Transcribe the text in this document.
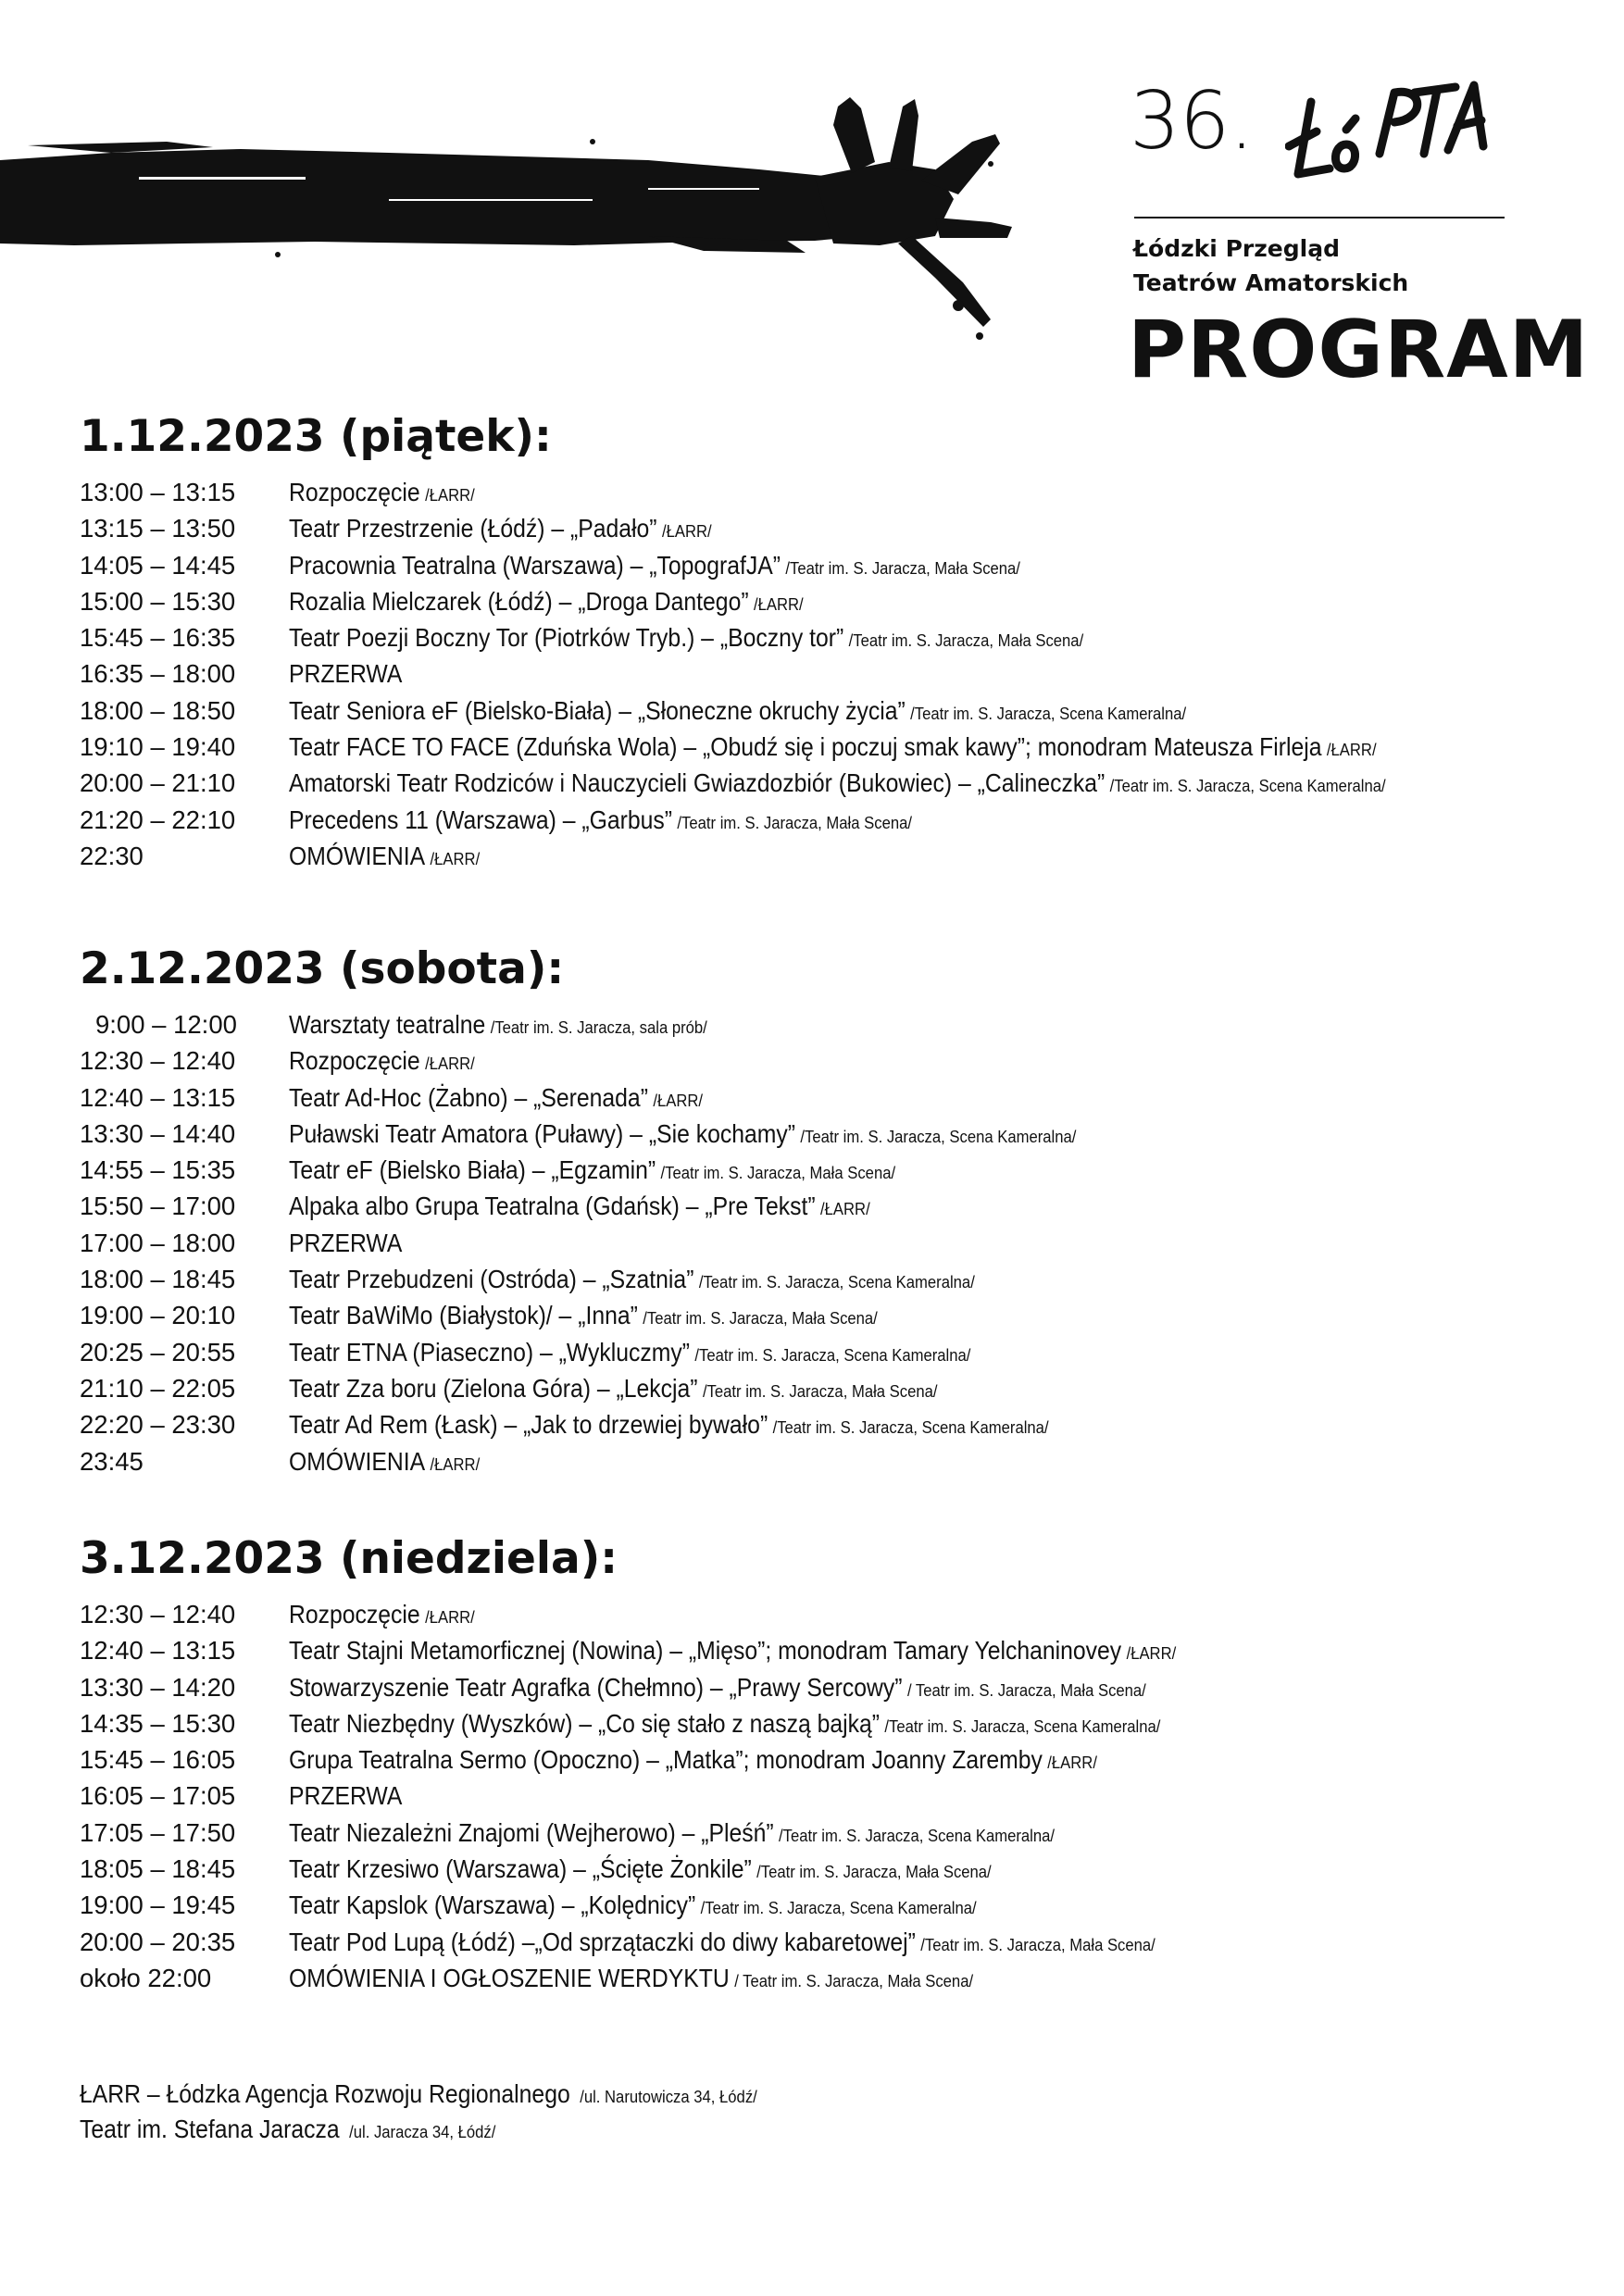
36.
Łódzki Przegląd
Teatrów Amatorskich
PROGRAM
1.12.2023 (piątek):
13:00 – 13:15	Rozpoczęcie /ŁARR/
13:15 – 13:50	Teatr Przestrzenie (Łódź) – „Padało” /ŁARR/
14:05 – 14:45	Pracownia Teatralna (Warszawa) – „TopografJA” /Teatr im. S. Jaracza, Mała Scena/
15:00 – 15:30	Rozalia Mielczarek (Łódź) – „Droga Dantego” /ŁARR/
15:45 – 16:35	Teatr Poezji Boczny Tor (Piotrków Tryb.) – „Boczny tor” /Teatr im. S. Jaracza, Mała Scena/
16:35 – 18:00	PRZERWA
18:00 – 18:50	Teatr Seniora eF (Bielsko-Biała) – „Słoneczne okruchy życia” /Teatr im. S. Jaracza, Scena Kameralna/
19:10 – 19:40	Teatr FACE TO FACE (Zduńska Wola) – „Obudź się i poczuj smak kawy”; monodram Mateusza Firleja /ŁARR/
20:00 – 21:10	Amatorski Teatr Rodziców i Nauczycieli Gwiazdozbiór (Bukowiec) – „Calineczka” /Teatr im. S. Jaracza, Scena Kameralna/
21:20 – 22:10	Precedens 11 (Warszawa) – „Garbus” /Teatr im. S. Jaracza, Mała Scena/
22:30	OMÓWIENIA /ŁARR/
2.12.2023 (sobota):
9:00 – 12:00	Warsztaty teatralne /Teatr im. S. Jaracza, sala prób/
12:30 – 12:40	Rozpoczęcie /ŁARR/
12:40 – 13:15	Teatr Ad-Hoc (Żabno) – „Serenada” /ŁARR/
13:30 – 14:40	Puławski Teatr Amatora (Puławy) – „Sie kochamy” /Teatr im. S. Jaracza, Scena Kameralna/
14:55 – 15:35	Teatr eF (Bielsko Biała) – „Egzamin” /Teatr im. S. Jaracza, Mała Scena/
15:50 – 17:00	Alpaka albo Grupa Teatralna (Gdańsk) – „Pre Tekst” /ŁARR/
17:00 – 18:00	PRZERWA
18:00 – 18:45	Teatr Przebudzeni (Ostróda) – „Szatnia” /Teatr im. S. Jaracza, Scena Kameralna/
19:00 – 20:10	Teatr BaWiMo (Białystok)/ – „Inna” /Teatr im. S. Jaracza, Mała Scena/
20:25 – 20:55	Teatr ETNA (Piaseczno) – „Wykluczmy” /Teatr im. S. Jaracza, Scena Kameralna/
21:10 – 22:05	Teatr Zza boru (Zielona Góra) – „Lekcja” /Teatr im. S. Jaracza, Mała Scena/
22:20 – 23:30	Teatr Ad Rem (Łask) – „Jak to drzewiej bywało” /Teatr im. S. Jaracza, Scena Kameralna/
23:45	OMÓWIENIA /ŁARR/
3.12.2023 (niedziela):
12:30 – 12:40	Rozpoczęcie /ŁARR/
12:40 – 13:15	Teatr Stajni Metamorficznej (Nowina) – „Mięso”; monodram Tamary Yelchaninovey /ŁARR/
13:30 – 14:20	Stowarzyszenie Teatr Agrafka (Chełmno) – „Prawy Sercowy” / Teatr im. S. Jaracza, Mała Scena/
14:35 – 15:30	Teatr Niezbędny (Wyszków) – „Co się stało z naszą bajką” /Teatr im. S. Jaracza, Scena Kameralna/
15:45 – 16:05	Grupa Teatralna Sermo (Opoczno) – „Matka”; monodram Joanny Zaremby /ŁARR/
16:05 – 17:05	PRZERWA
17:05 – 17:50	Teatr Niezależni Znajomi (Wejherowo) – „Pleśń” /Teatr im. S. Jaracza, Scena Kameralna/
18:05 – 18:45	Teatr Krzesiwo (Warszawa) – „Ścięte Żonkile” /Teatr im. S. Jaracza, Mała Scena/
19:00 – 19:45	Teatr Kapslok (Warszawa) – „Kolędnicy” /Teatr im. S. Jaracza, Scena Kameralna/
20:00 – 20:35	Teatr Pod Lupą (Łódź) –„Od sprzątaczki do diwy kabaretowej” /Teatr im. S. Jaracza, Mała Scena/
około 22:00	OMÓWIENIA I OGŁOSZENIE WERDYKTU / Teatr im. S. Jaracza, Mała Scena/
ŁARR – Łódzka Agencja Rozwoju Regionalnego /ul. Narutowicza 34, Łódź/
Teatr im. Stefana Jaracza /ul. Jaracza 34, Łódź/
